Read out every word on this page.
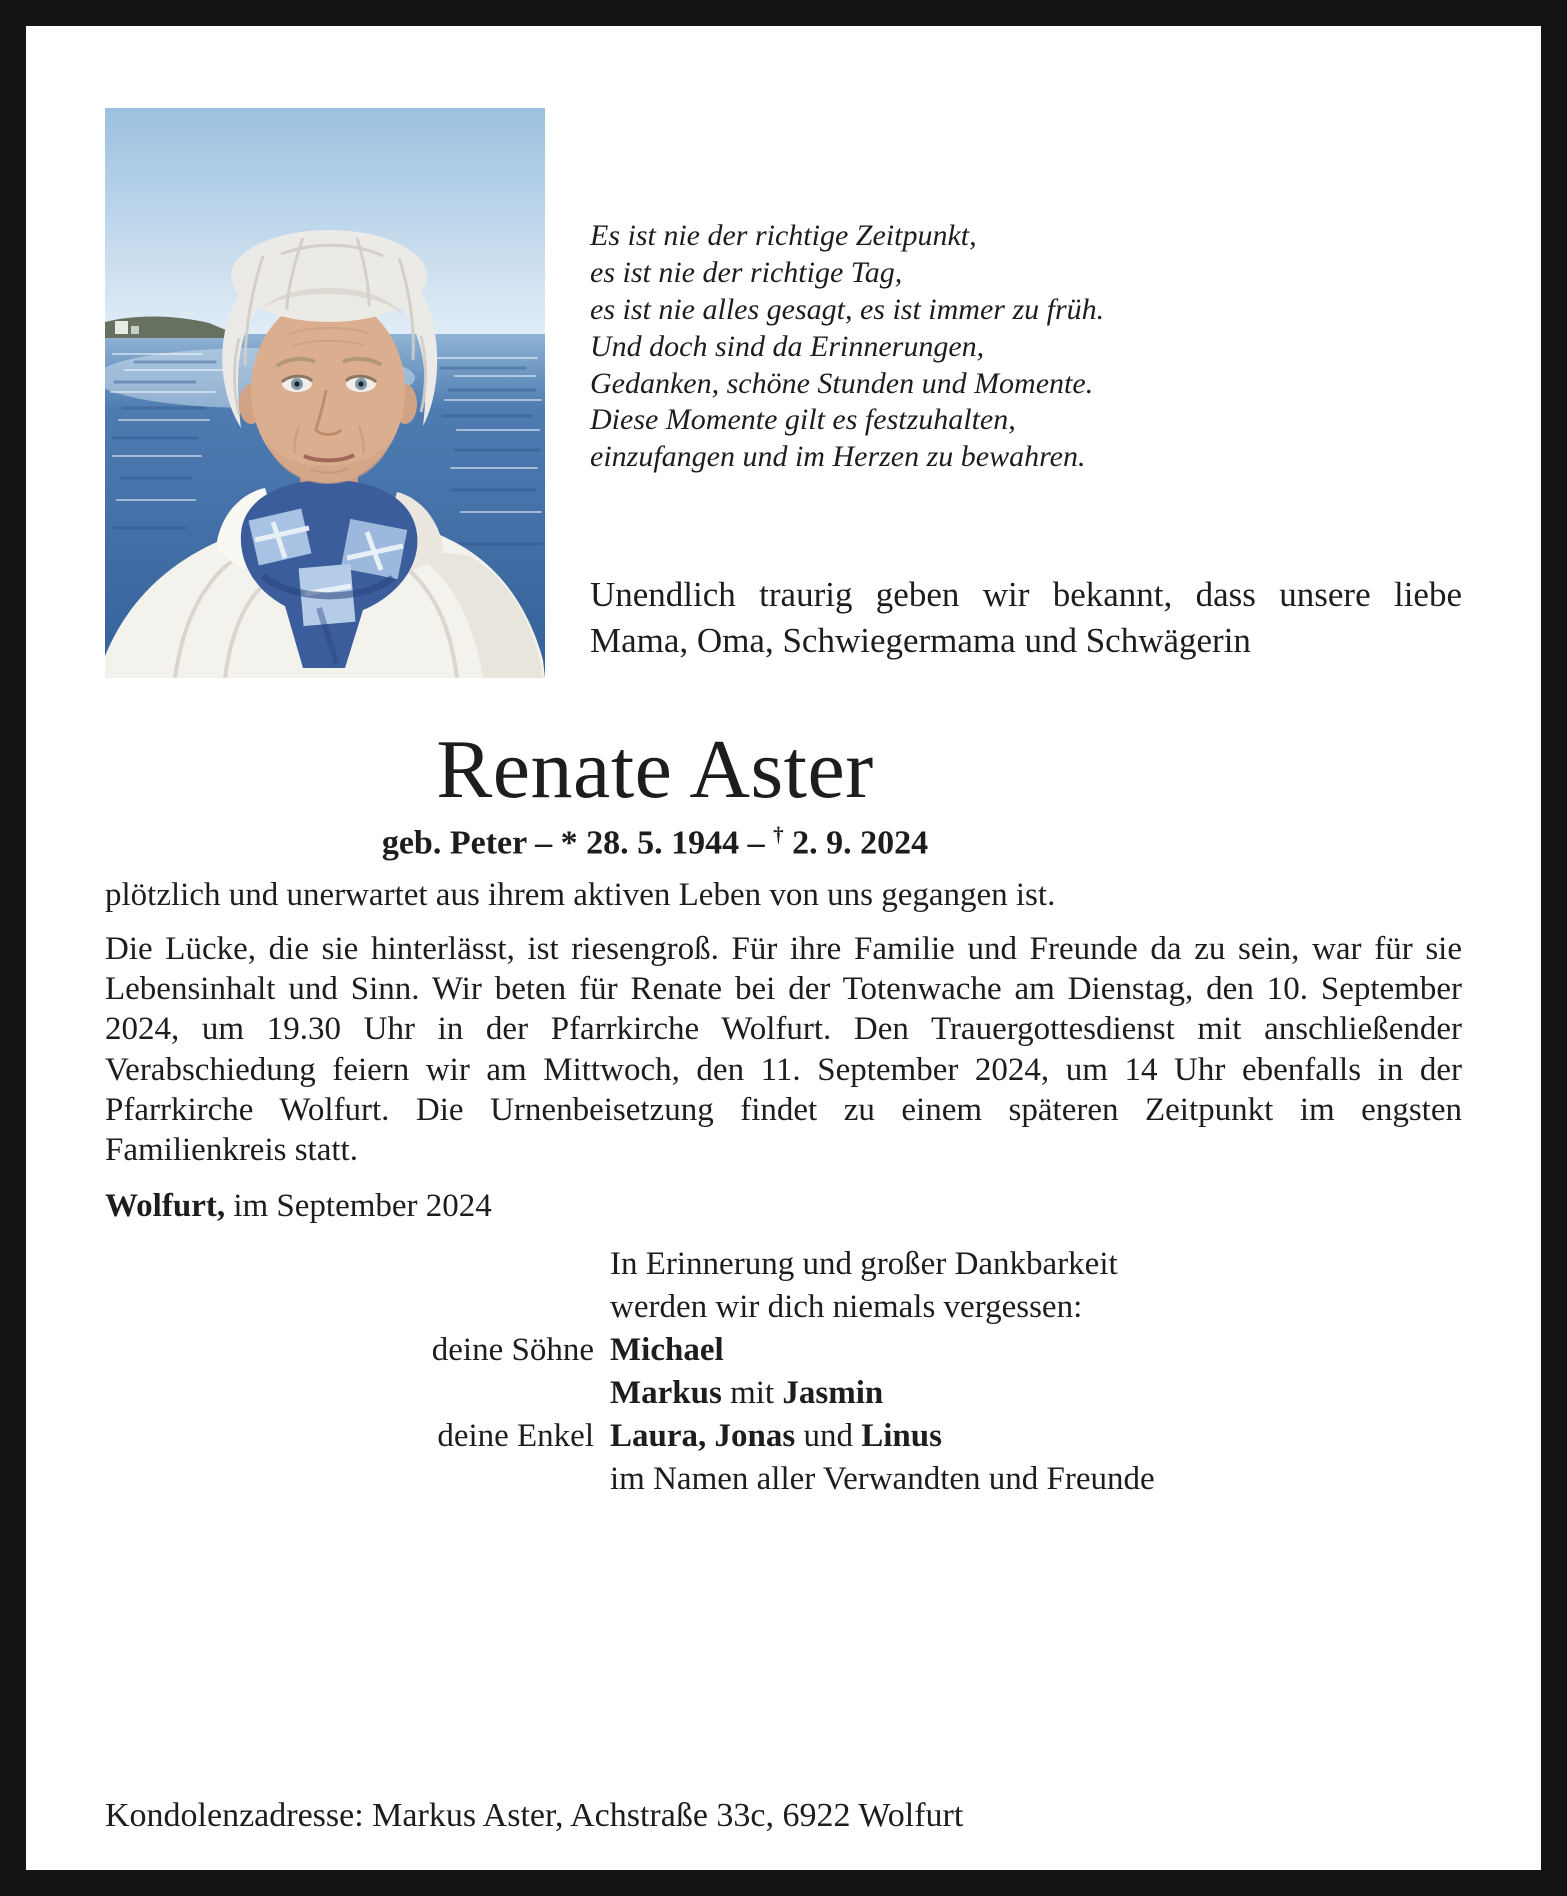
Es ist nie der richtige Zeitpunkt,
es ist nie der richtige Tag,
es ist nie alles gesagt, es ist immer zu früh.
Und doch sind da Erinnerungen,
Gedanken, schöne Stunden und Momente.
Diese Momente gilt es festzuhalten,
einzufangen und im Herzen zu bewahren.

Unendlich traurig geben wir bekannt, dass unsere liebe Mama, Oma, Schwiegermama und Schwägerin

Renate Aster

geb. Peter – * 28. 5. 1944 – † 2. 9. 2024

plötzlich und unerwartet aus ihrem aktiven Leben von uns gegangen ist.

Die Lücke, die sie hinterlässt, ist riesengroß. Für ihre Familie und Freunde da zu sein, war für sie Lebensinhalt und Sinn. Wir beten für Renate bei der Totenwache am Dienstag, den 10. September 2024, um 19.30 Uhr in der Pfarrkirche Wolfurt. Den Trauergottesdienst mit anschließender Verabschiedung feiern wir am Mittwoch, den 11. September 2024, um 14 Uhr ebenfalls in der Pfarrkirche Wolfurt. Die Urnenbeisetzung findet zu einem späteren Zeitpunkt im engsten Familienkreis statt.

Wolfurt, im September 2024

In Erinnerung und großer Dankbarkeit
werden wir dich niemals vergessen:
deine Söhne Michael
Markus mit Jasmin
deine Enkel Laura, Jonas und Linus
im Namen aller Verwandten und Freunde

Kondolenzadresse: Markus Aster, Achstraße 33c, 6922 Wolfurt
